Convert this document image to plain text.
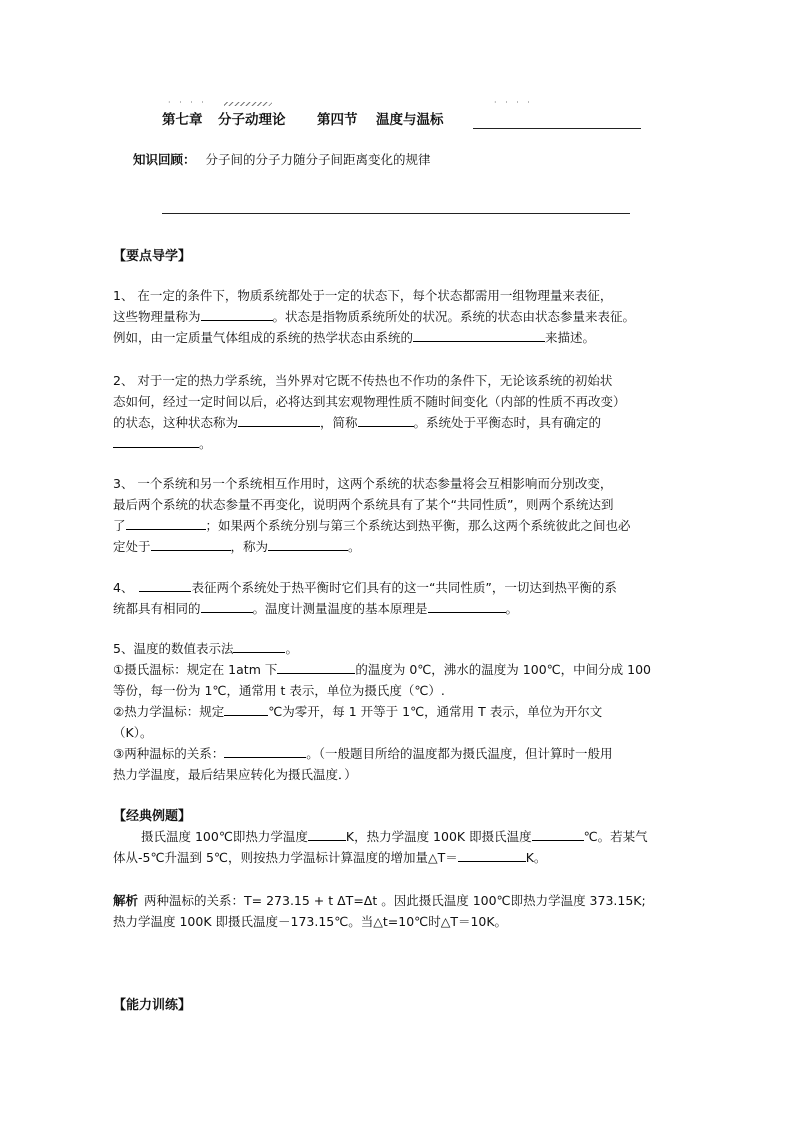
· · · ·	· · · ·
第七章 分子动理论 第四节 温度与温标
知识回顾： 分子间的分子力随分子间距离变化的规律
【要点导学】
1、 在一定的条件下，物质系统都处于一定的状态下，每个状态都需用一组物理量来表征，
这些物理量称为	。状态是指物质系统所处的状况。系统的状态由状态参量来表征。
例如，由一定质量气体组成的系统的热学状态由系统的	来描述。
2、 对于一定的热力学系统，当外界对它既不传热也不作功的条件下，无论该系统的初始状
态如何，经过一定时间以后，必将达到其宏观物理性质不随时间变化（内部的性质不再改变）
的状态，这种状态称为	，简称	。系统处于平衡态时，具有确定的
。
3、 一个系统和另一个系统相互作用时，这两个系统的状态参量将会互相影响而分别改变，
最后两个系统的状态参量不再变化，说明两个系统具有了某个“共同性质”，则两个系统达到
了	；如果两个系统分别与第三个系统达到热平衡，那么这两个系统彼此之间也必
定处于	，称为	。
4、	表征两个系统处于热平衡时它们具有的这一“共同性质”，一切达到热平衡的系
统都具有相同的	。温度计测量温度的基本原理是	。
5、温度的数值表示法	。
①摄氏温标：规定在 1atm 下	的温度为 0℃，沸水的温度为 100℃，中间分成 100
等份，每一份为 1℃，通常用 t 表示，单位为摄氏度（℃）.
②热力学温标：规定	℃为零开，每 1 开等于 1℃，通常用 T 表示，单位为开尔文
（K）。
③两种温标的关系：	。（一般题目所给的温度都为摄氏温度，但计算时一般用
热力学温度，最后结果应转化为摄氏温度．）
【经典例题】
摄氏温度 100℃即热力学温度	K，热力学温度 100K 即摄氏温度	℃。若某气
体从-5℃升温到 5℃，则按热力学温标计算温度的增加量△T＝	K。
解析 两种温标的关系：T= 273.15 + t ΔT=Δt 。因此摄氏温度 100℃即热力学温度 373.15K;
热力学温度 100K 即摄氏温度－173.15℃。当△t=10℃时△T＝10K。
【能力训练】
